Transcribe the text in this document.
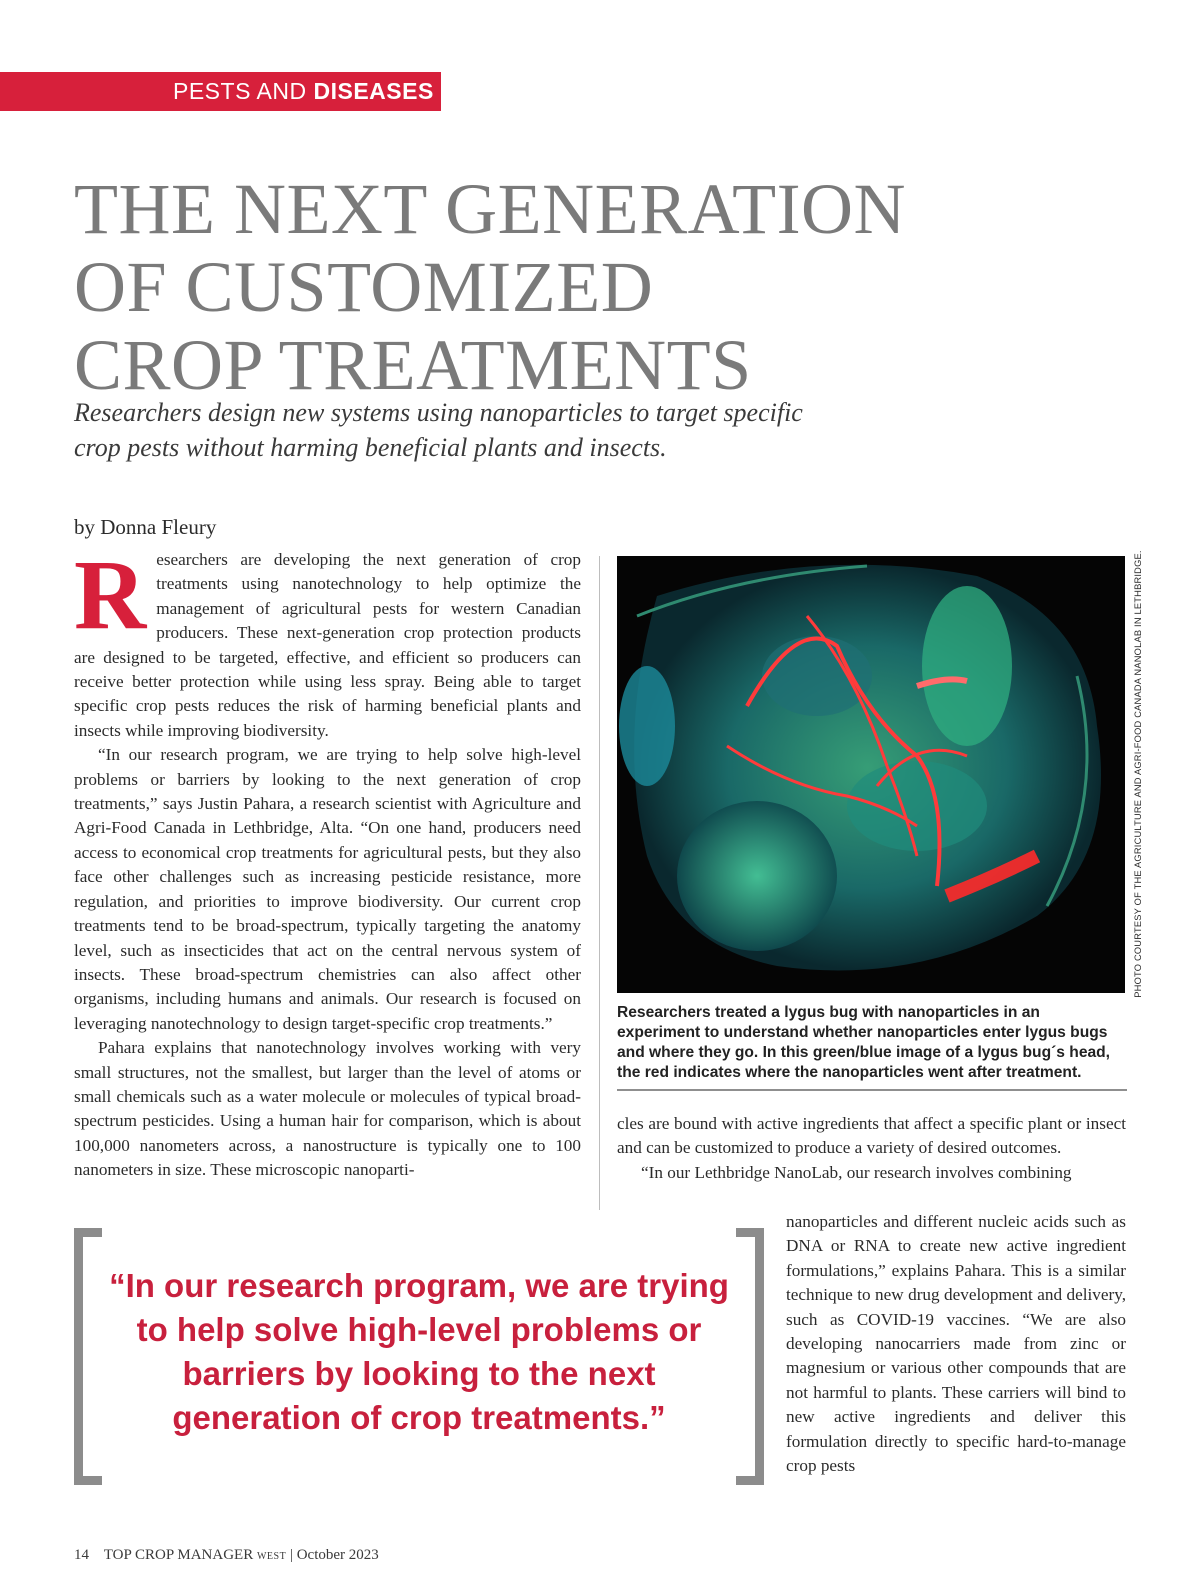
PESTS AND DISEASES
THE NEXT GENERATION
OF CUSTOMIZED
CROP TREATMENTS
Researchers design new systems using nanoparticles to target specific crop pests without harming beneficial plants and insects.
by Donna Fleury

Researchers are developing the next generation of crop treatments using nanotechnology to help optimize the management of agricultural pests for western Canadian producers. These next-generation crop protection products are designed to be targeted, effective, and efficient so producers can receive better protection while using less spray. Being able to target specific crop pests reduces the risk of harming beneficial plants and insects while improving biodiversity.

“In our research program, we are trying to help solve high-level problems or barriers by looking to the next generation of crop treatments,” says Justin Pahara, a research scientist with Agriculture and Agri-Food Canada in Lethbridge, Alta. “On one hand, producers need access to economical crop treatments for agricultural pests, but they also face other challenges such as increasing pesticide resistance, more regulation, and priorities to improve biodiversity. Our current crop treatments tend to be broad-spectrum, typically targeting the anatomy level, such as insecticides that act on the central nervous system of insects. These broad-spectrum chemistries can also affect other organisms, including humans and animals. Our research is focused on leveraging nanotechnology to design target-specific crop treatments.”

Pahara explains that nanotechnology involves working with very small structures, not the smallest, but larger than the level of atoms or small chemicals such as a water molecule or molecules of typical broad-spectrum pesticides. Using a human hair for comparison, which is about 100,000 nanometers across, a nanostructure is typically one to 100 nanometers in size. These microscopic nanoparti-

PHOTO COURTESY OF THE AGRICULTURE AND AGRI-FOOD CANADA NANOLAB IN LETHBRIDGE.
Researchers treated a lygus bug with nanoparticles in an experiment to understand whether nanoparticles enter lygus bugs and where they go. In this green/blue image of a lygus bug´s head, the red indicates where the nanoparticles went after treatment.

cles are bound with active ingredients that affect a specific plant or insect and can be customized to produce a variety of desired outcomes.

“In our Lethbridge NanoLab, our research involves combining

nanoparticles and different nucleic acids such as DNA or RNA to create new active ingredient formulations,” explains Pahara. This is a similar technique to new drug development and delivery, such as COVID-19 vaccines. “We are also developing nanocarriers made from zinc or magnesium or various other compounds that are not harmful to plants. These carriers will bind to new active ingredients and deliver this formulation directly to specific hard-to-manage crop pests

“In our research program, we are trying to help solve high-level problems or barriers by looking to the next generation of crop treatments.”
14 TOP CROP MANAGER WEST | October 2023
